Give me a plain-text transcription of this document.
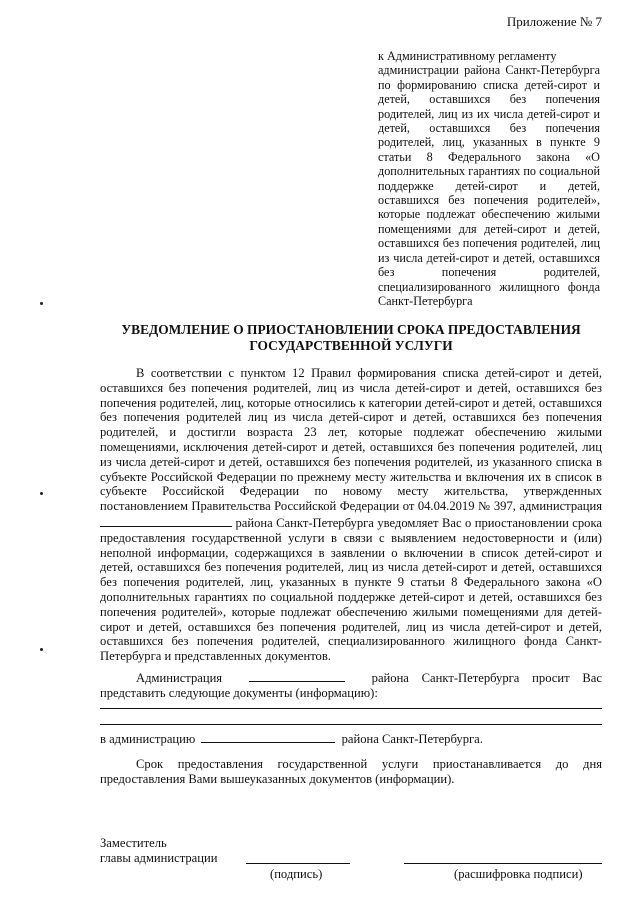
Приложение № 7
к Административному регламенту
администрации района Санкт-Петербурга по формированию списка детей-сирот и детей, оставшихся без попечения родителей, лиц из их числа детей-сирот и детей, оставшихся без попечения родителей, лиц, указанных в пункте 9 статьи 8 Федерального закона «О дополнительных гарантиях по социальной поддержке детей-сирот и детей, оставшихся без попечения родителей», которые подлежат обеспечению жилыми помещениями для детей-сирот и детей, оставшихся без попечения родителей, лиц из числа детей-сирот и детей, оставшихся без попечения родителей, специализированного жилищного фонда Санкт-Петербурга
УВЕДОМЛЕНИЕ О ПРИОСТАНОВЛЕНИИ СРОКА ПРЕДОСТАВЛЕНИЯ
ГОСУДАРСТВЕННОЙ УСЛУГИ
В соответствии с пунктом 12 Правил формирования списка детей-сирот и детей, оставшихся без попечения родителей, лиц из числа детей-сирот и детей, оставшихся без попечения родителей, лиц, которые относились к категории детей-сирот и детей, оставшихся без попечения родителей лиц из числа детей-сирот и детей, оставшихся без попечения родителей, и достигли возраста 23 лет, которые подлежат обеспечению жилыми помещениями, исключения детей-сирот и детей, оставшихся без попечения родителей, лиц из числа детей-сирот и детей, оставшихся без попечения родителей, из указанного списка в субъекте Российской Федерации по прежнему месту жительства и включения их в список в субъекте Российской Федерации по новому месту жительства, утвержденных постановлением Правительства Российской Федерации от 04.04.2019 № 397, администрация  района Санкт-Петербурга уведомляет Вас о приостановлении срока предоставления государственной услуги в связи с выявлением недостоверности и (или) неполной информации, содержащихся в заявлении о включении в список детей-сирот и детей, оставшихся без попечения родителей, лиц из числа детей-сирот и детей, оставшихся без попечения родителей, лиц, указанных в пункте 9 статьи 8 Федерального закона «О дополнительных гарантиях по социальной поддержке детей-сирот и детей, оставшихся без попечения родителей», которые подлежат обеспечению жилыми помещениями для детей-сирот и детей, оставшихся без попечения родителей, лиц из числа детей-сирот и детей, оставшихся без попечения родителей, специализированного жилищного фонда Санкт-Петербурга и представленных документов.
Администрация	района Санкт-Петербурга просит Вас представить следующие документы (информацию):
в администрацию	района Санкт-Петербурга.
Срок предоставления государственной услуги приостанавливается до дня предоставления Вами вышеуказанных документов (информации).
Заместитель
главы администрации
(подпись)	(расшифровка подписи)
